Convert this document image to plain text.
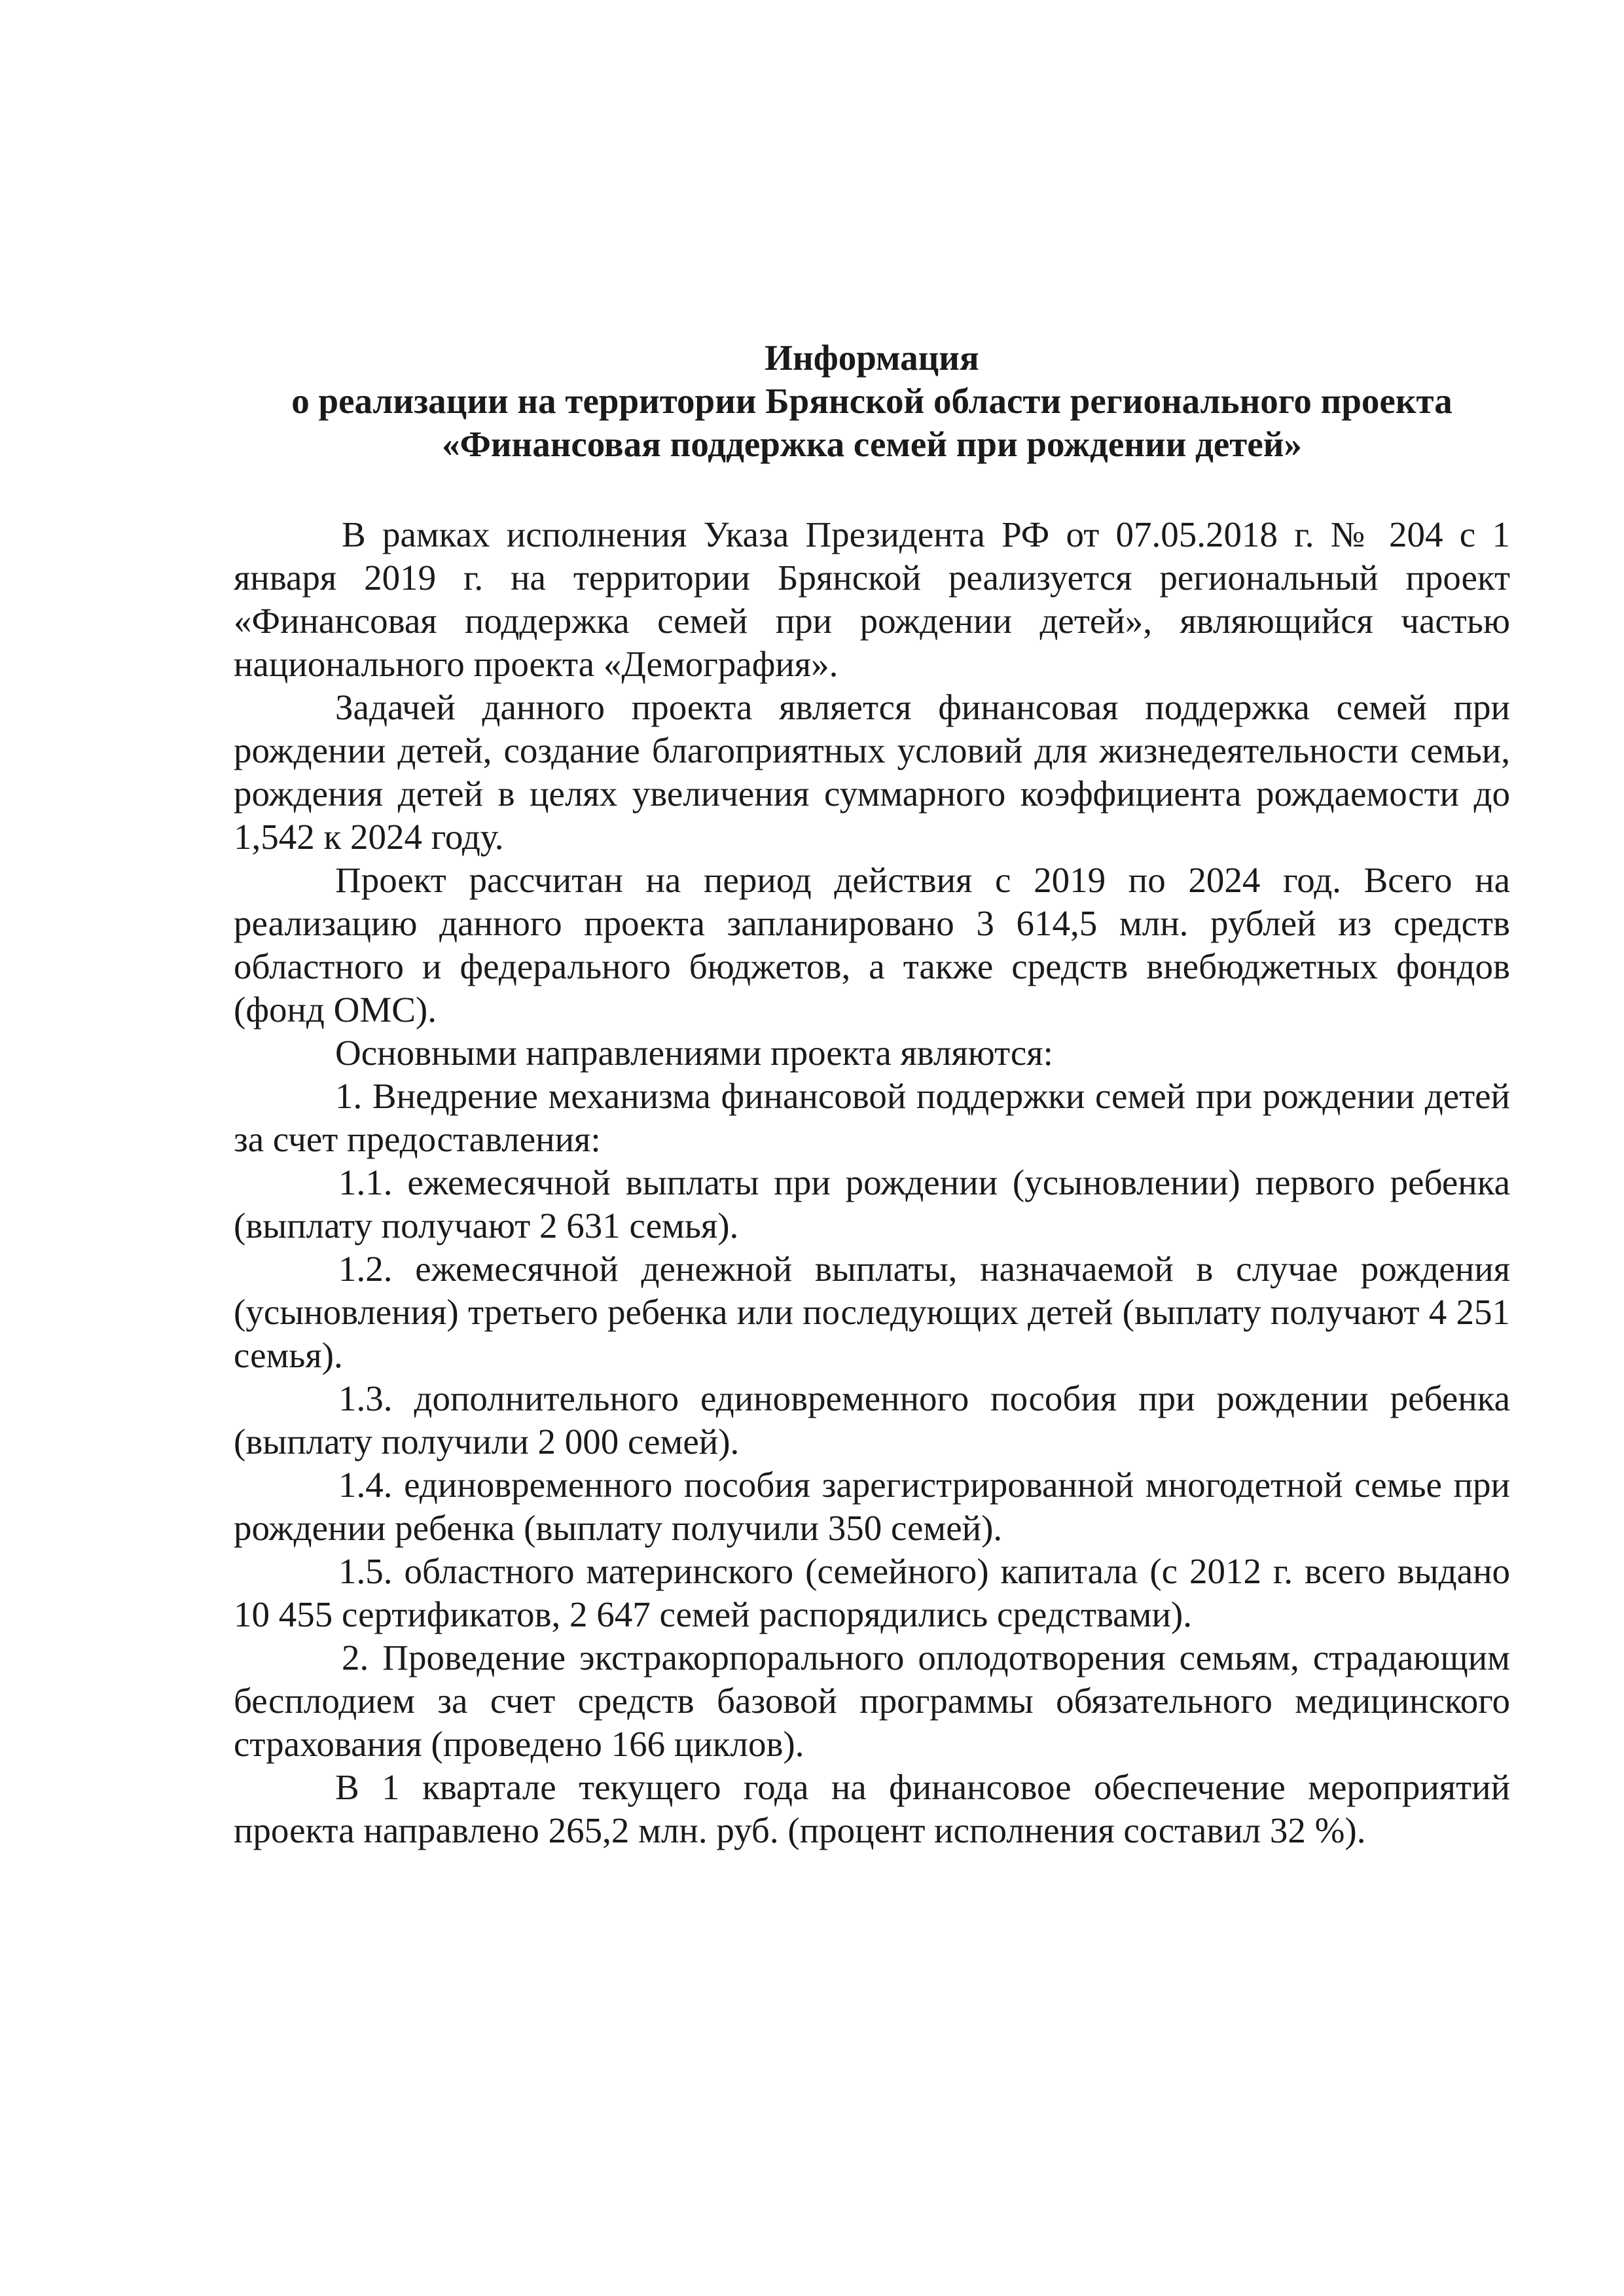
Информация
о реализации на территории Брянской области регионального проекта
«Финансовая поддержка семей при рождении детей»

В рамках исполнения Указа Президента РФ от 07.05.2018 г. № 204 с 1 января 2019 г. на территории Брянской реализуется региональный проект «Финансовая поддержка семей при рождении детей», являющийся частью национального проекта «Демография».

Задачей данного проекта является финансовая поддержка семей при рождении детей, создание благоприятных условий для жизнедеятельности семьи, рождения детей в целях увеличения суммарного коэффициента рождаемости до 1,542 к 2024 году.

Проект рассчитан на период действия с 2019 по 2024 год. Всего на реализацию данного проекта запланировано 3 614,5 млн. рублей из средств областного и федерального бюджетов, а также средств внебюджетных фондов (фонд ОМС).

Основными направлениями проекта являются:

1. Внедрение механизма финансовой поддержки семей при рождении детей за счет предоставления:

1.1. ежемесячной выплаты при рождении (усыновлении) первого ребенка (выплату получают 2 631 семья).

1.2. ежемесячной денежной выплаты, назначаемой в случае рождения (усыновления) третьего ребенка или последующих детей (выплату получают 4 251 семья).

1.3. дополнительного единовременного пособия при рождении ребенка (выплату получили 2 000 семей).

1.4. единовременного пособия зарегистрированной многодетной семье при рождении ребенка (выплату получили 350 семей).

1.5. областного материнского (семейного) капитала (с 2012 г. всего выдано 10 455 сертификатов, 2 647 семей распорядились средствами).

2. Проведение экстракорпорального оплодотворения семьям, страдающим бесплодием за счет средств базовой программы обязательного медицинского страхования (проведено 166 циклов).

В 1 квартале текущего года на финансовое обеспечение мероприятий проекта направлено 265,2 млн. руб. (процент исполнения составил 32 %).
